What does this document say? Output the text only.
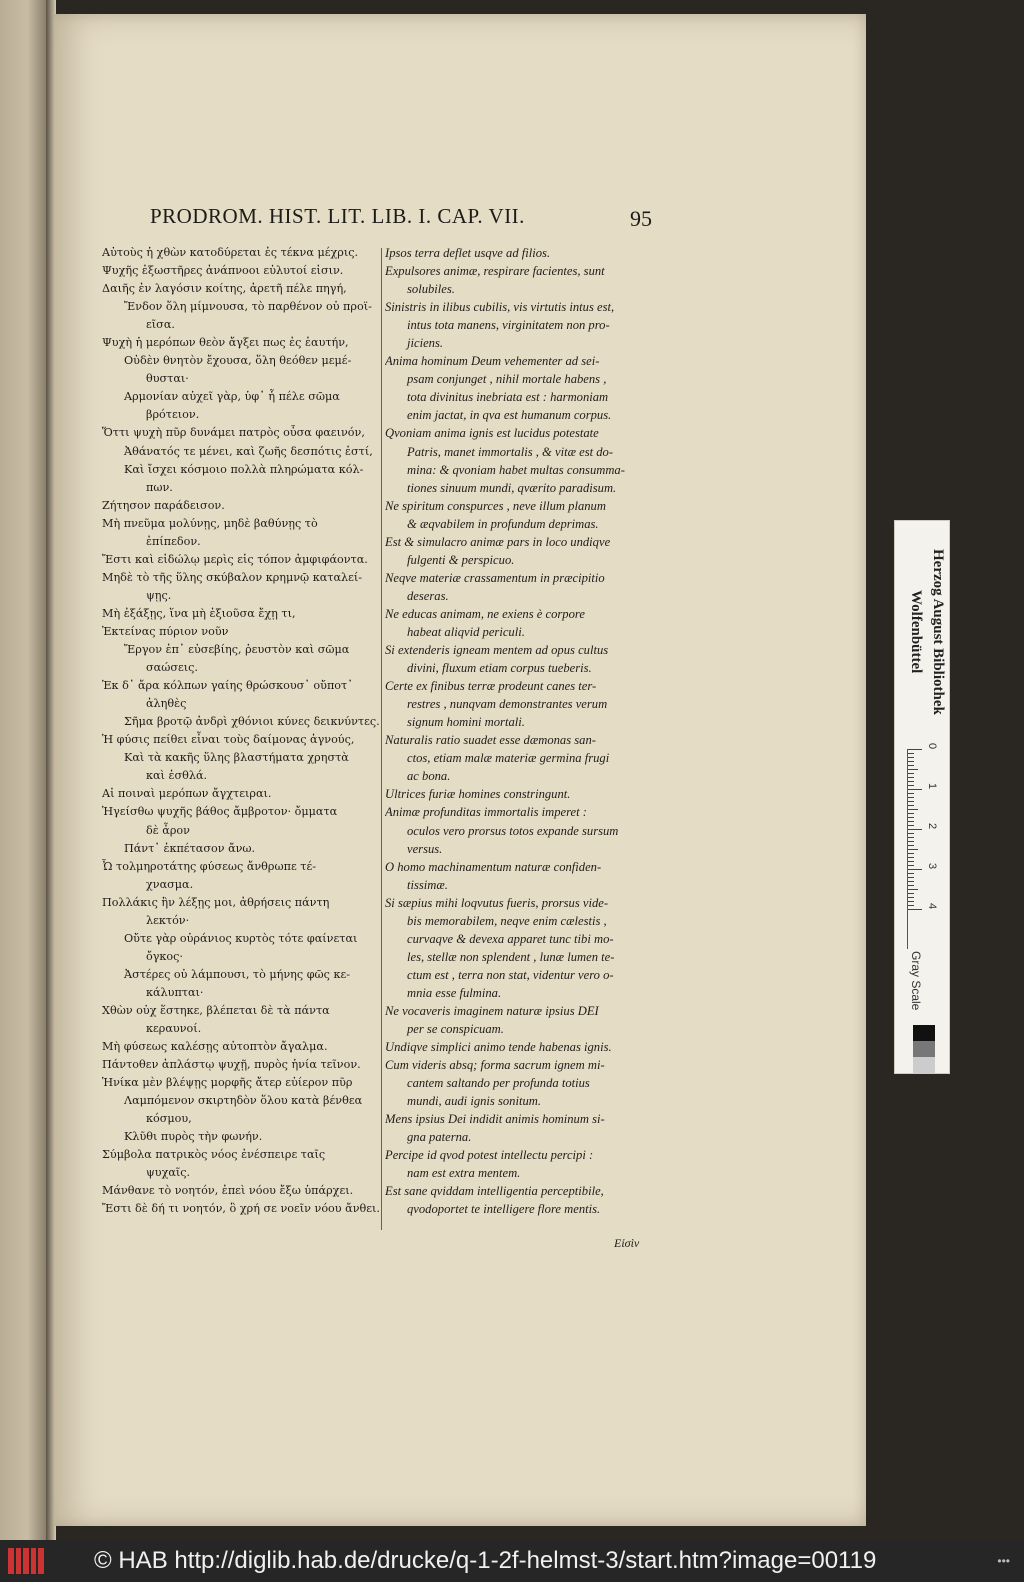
PRODROM. HIST. LIT. LIB. I. CAP. VII.	95
Αὐτοὺς ἡ χθὼν κατοδύρεται ἐς τέκνα μέχρις.
Ψυχῆς ἐξωστῆρες ἀνάπνοοι εὐλυτοί εἰσιν.
Δαιῆς ἐν λαγόσιν κοίτης, ἀρετῆ πέλε πηγή,
Ἔνδον ὅλη μίμνουσα, τὸ παρθένον οὐ προϊ-
εῖσα.
Ψυχὴ ἡ μερόπων θεὸν ἄγξει πως ἐς ἑαυτήν,
Οὐδὲν θνητὸν ἔχουσα, ὅλη θεόθεν μεμέ-
θυσται·
Αρμονίαν αὐχεῖ γὰρ, ὑφ᾽ ἧ πέλε σῶμα
βρότειον.
Ὅττι ψυχὴ πῦρ δυνάμει πατρὸς οὖσα φαεινόν,
Ἀθάνατός τε μένει, καὶ ζωῆς δεσπότις ἐστί,
Καὶ ἴσχει κόσμοιο πολλὰ πληρώματα κόλ-
πων.
Ζήτησον παράδεισον.
Μὴ πνεῦμα μολύνῃς, μηδὲ βαθύνῃς τὸ
ἐπίπεδον.
Ἔστι καὶ εἰδώλῳ μερὶς εἰς τόπον ἀμφιφάοντα.
Μηδὲ τὸ τῆς ὕλης σκύβαλον κρημνῷ καταλεί-
ψῃς.
Μὴ ἐξάξῃς, ἵνα μὴ ἐξιοῦσα ἔχῃ τι,
Ἐκτείνας πύριον νοῦν
Ἔργον ἐπ᾽ εὐσεβίης, ῥευστὸν καὶ σῶμα
σαώσεις.
Ἐκ δ᾽ ἄρα κόλπων γαίης θρώσκουσ᾽ οὔποτ᾽
ἀληθὲς
Σῆμα βροτῷ ἀνδρὶ χθόνιοι κύνες δεικνύντες.
Ἡ φύσις πείθει εἶναι τοὺς δαίμονας ἁγνούς,
Καὶ τὰ κακῆς ὕλης βλαστήματα χρηστὰ
καὶ ἐσθλά.
Αἱ ποιναὶ μερόπων ἄγχτειραι.
Ἡγείσθω ψυχῆς βάθος ἄμβροτον· ὄμματα
δὲ ἆρον
Πάντ᾽ ἐκπέτασον ἄνω.
Ὦ τολμηροτάτης φύσεως ἄνθρωπε τέ-
χνασμα.
Πολλάκις ἢν λέξῃς μοι, ἀθρήσεις πάντη
λεκτόν·
Οὔτε γὰρ οὐράνιος κυρτὸς τότε φαίνεται
ὄγκος·
Ἀστέρες οὐ λάμπουσι, τὸ μήνης φῶς κε-
κάλυπται·
Χθὼν οὐχ ἕστηκε, βλέπεται δὲ τὰ πάντα
κεραυνοί.
Μὴ φύσεως καλέσῃς αὐτοπτὸν ἄγαλμα.
Πάντοθεν ἀπλάστῳ ψυχῇ, πυρὸς ἡνία τεῖνον.
Ἡνίκα μὲν βλέψῃς μορφῆς ἄτερ εὐίερον πῦρ
Λαμπόμενον σκιρτηδὸν ὅλου κατὰ βένθεα
κόσμου,
Κλῦθι πυρὸς τὴν φωνήν.
Σύμβολα πατρικὸς νόος ἐνέσπειρε ταῖς
ψυχαῖς.
Μάνθανε τὸ νοητόν, ἐπεὶ νόου ἔξω ὑπάρχει.
Ἔστι δὲ δή τι νοητόν, ὃ χρή σε νοεῖν νόου ἄνθει.
Ipsos terra deflet usqve ad filios.
Expulsores animæ, respirare facientes, sunt
solubiles.
Sinistris in ilibus cubilis, vis virtutis intus est,
intus tota manens, virginitatem non pro-
jiciens.
Anima hominum Deum vehementer ad sei-
psam conjunget , nihil mortale habens ,
tota divinitus inebriata est : harmoniam
enim jactat, in qva est humanum corpus.
Qvoniam anima ignis est lucidus potestate
Patris, manet immortalis , & vitæ est do-
mina: & qvoniam habet multas consumma-
tiones sinuum mundi, qværito paradisum.
Ne spiritum conspurces , neve illum planum
& æqvabilem in profundum deprimas.
Est & simulacro animæ pars in loco undiqve
fulgenti & perspicuo.
Neqve materiæ crassamentum in præcipitio
deseras.
Ne educas animam, ne exiens è corpore
habeat aliqvid periculi.
Si extenderis igneam mentem ad opus cultus
divini, fluxum etiam corpus tueberis.
Certe ex finibus terræ prodeunt canes ter-
restres , nunqvam demonstrantes verum
signum homini mortali.
Naturalis ratio suadet esse dæmonas san-
ctos, etiam malæ materiæ germina frugi
ac bona.
Ultrices furiæ homines constringunt.
Animæ profunditas immortalis imperet :
oculos vero prorsus totos expande sursum
versus.
O homo machinamentum naturæ confiden-
tissimæ.
Si sæpius mihi loqvutus fueris, prorsus vide-
bis memorabilem, neqve enim cælestis ,
curvaqve & devexa apparet tunc tibi mo-
les, stellæ non splendent , lunæ lumen te-
ctum est , terra non stat, videntur vero o-
mnia esse fulmina.
Ne vocaveris imaginem naturæ ipsius DEI
per se conspicuam.
Undiqve simplici animo tende habenas ignis.
Cum videris absq; forma sacrum ignem mi-
cantem saltando per profunda totius
mundi, audi ignis sonitum.
Mens ipsius Dei indidit animis hominum si-
gna paterna.
Percipe id qvod potest intellectu percipi :
nam est extra mentem.
Est sane qviddam intelligentia perceptibile,
qvodoportet te intelligere flore mentis.
Εἰσὶν
Herzog August Bibliothek
Wolfenbüttel
0
1
2
3
4
Gray Scale
© HAB http://diglib.hab.de/drucke/q-1-2f-helmst-3/start.htm?image=00119	•••
